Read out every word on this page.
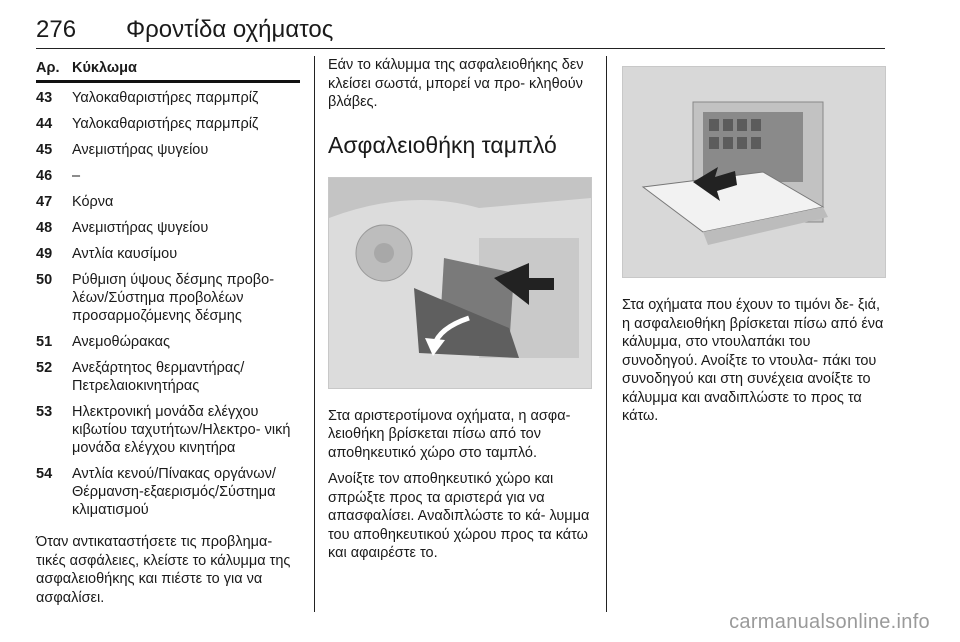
276 Φροντίδα οχήματος
Αρ. Κύκλωμα
43	Υαλοκαθαριστήρες παρμπρίζ
44	Υαλοκαθαριστήρες παρμπρίζ
45	Ανεμιστήρας ψυγείου
46	–
47	Κόρνα
48	Ανεμιστήρας ψυγείου
49	Αντλία καυσίμου
50	Ρύθμιση ύψους δέσμης προβο- λέων/Σύστημα προβολέων προσαρμοζόμενης δέσμης
51	Ανεμοθώρακας
52	Ανεξάρτητος θερμαντήρας/ Πετρελαιοκινητήρας
53	Ηλεκτρονική μονάδα ελέγχου κιβωτίου ταχυτήτων/Ηλεκτρο- νική μονάδα ελέγχου κινητήρα
54	Αντλία κενού/Πίνακας οργάνων/ Θέρμανση-εξαερισμός/Σύστημα κλιματισμού

Όταν αντικαταστήσετε τις προβλημα- τικές ασφάλειες, κλείστε το κάλυμμα της ασφαλειοθήκης και πιέστε το για να ασφαλίσει.

Εάν το κάλυμμα της ασφαλειοθήκης δεν κλείσει σωστά, μπορεί να προ- κληθούν βλάβες.

Ασφαλειοθήκη ταμπλό

Στα αριστεροτίμονα οχήματα, η ασφα- λειοθήκη βρίσκεται πίσω από τον αποθηκευτικό χώρο στο ταμπλό.

Ανοίξτε τον αποθηκευτικό χώρο και σπρώξτε προς τα αριστερά για να απασφαλίσει. Αναδιπλώστε το κά- λυμμα του αποθηκευτικού χώρου προς τα κάτω και αφαιρέστε το.

Στα οχήματα που έχουν το τιμόνι δε- ξιά, η ασφαλειοθήκη βρίσκεται πίσω από ένα κάλυμμα, στο ντουλαπάκι του συνοδηγού. Ανοίξτε το ντουλα- πάκι του συνοδηγού και στη συνέχεια ανοίξτε το κάλυμμα και αναδιπλώστε το προς τα κάτω.

carmanualsonline.info
